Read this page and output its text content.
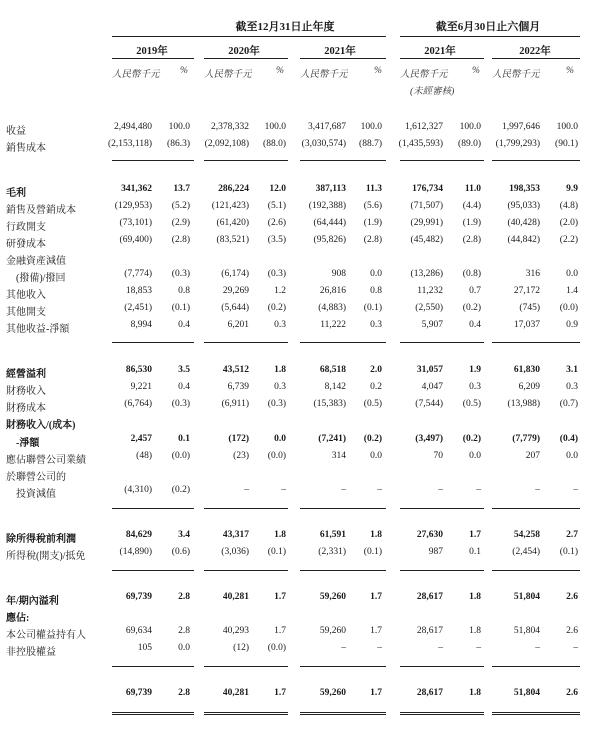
截至12月31日止年度	截至6月30日止六個月
2019年	2020年	2021年	2021年	2022年
人民幣千元 % 人民幣千元	% 人民幣千元	% 人民幣千元	% 人民幣千元	%
(未經審核)
收益	2,494,480	100.0	2,378,332	100.0	3,417,687	100.0	1,612,327	100.0	1,997,646	100.0
銷售成本	(2,153,118)	(86.3)	(2,092,108)	(88.0)	(3,030,574)	(88.7)	(1,435,593)	(89.0)	(1,799,293)	(90.1)
毛利	341,362	13.7	286,224	12.0	387,113	11.3	176,734	11.0	198,353	9.9
銷售及營銷成本	(129,953)	(5.2)	(121,423)	(5.1)	(192,388)	(5.6)	(71,507)	(4.4)	(95,033)	(4.8)
行政開支	(73,101)	(2.9)	(61,420)	(2.6)	(64,444)	(1.9)	(29,991)	(1.9)	(40,428)	(2.0)
研發成本	(69,400)	(2.8)	(83,521)	(3.5)	(95,826)	(2.8)	(45,482)	(2.8)	(44,842)	(2.2)
金融資產減值
(撥備)/撥回	(7,774)	(0.3)	(6,174)	(0.3)	908	0.0	(13,286)	(0.8)	316	0.0
其他收入	18,853	0.8	29,269	1.2	26,816	0.8	11,232	0.7	27,172	1.4
其他開支	(2,451)	(0.1)	(5,644)	(0.2)	(4,883)	(0.1)	(2,550)	(0.2)	(745)	(0.0)
其他收益-淨額	8,994	0.4	6,201	0.3	11,222	0.3	5,907	0.4	17,037	0.9
經營溢利	86,530	3.5	43,512	1.8	68,518	2.0	31,057	1.9	61,830	3.1
財務收入	9,221	0.4	6,739	0.3	8,142	0.2	4,047	0.3	6,209	0.3
財務成本	(6,764)	(0.3)	(6,911)	(0.3)	(15,383)	(0.5)	(7,544)	(0.5)	(13,988)	(0.7)
財務收入/(成本)
-淨額	2,457	0.1	(172)	0.0	(7,241)	(0.2)	(3,497)	(0.2)	(7,779)	(0.4)
應佔聯營公司業績	(48)	(0.0)	(23)	(0.0)	314	0.0	70	0.0	207	0.0
於聯營公司的
投資減值	(4,310)	(0.2)	–	–	–	–	–	–	–	–
除所得稅前利潤	84,629	3.4	43,317	1.8	61,591	1.8	27,630	1.7	54,258	2.7
所得稅(開支)/抵免	(14,890)	(0.6)	(3,036)	(0.1)	(2,331)	(0.1)	987	0.1	(2,454)	(0.1)
年/期內溢利	69,739	2.8	40,281	1.7	59,260	1.7	28,617	1.8	51,804	2.6
應佔:
本公司權益持有人	69,634	2.8	40,293	1.7	59,260	1.7	28,617	1.8	51,804	2.6
非控股權益	105	0.0	(12)	(0.0)	–	–	–	–	–	–
69,739	2.8	40,281	1.7	59,260	1.7	28,617	1.8	51,804	2.6
